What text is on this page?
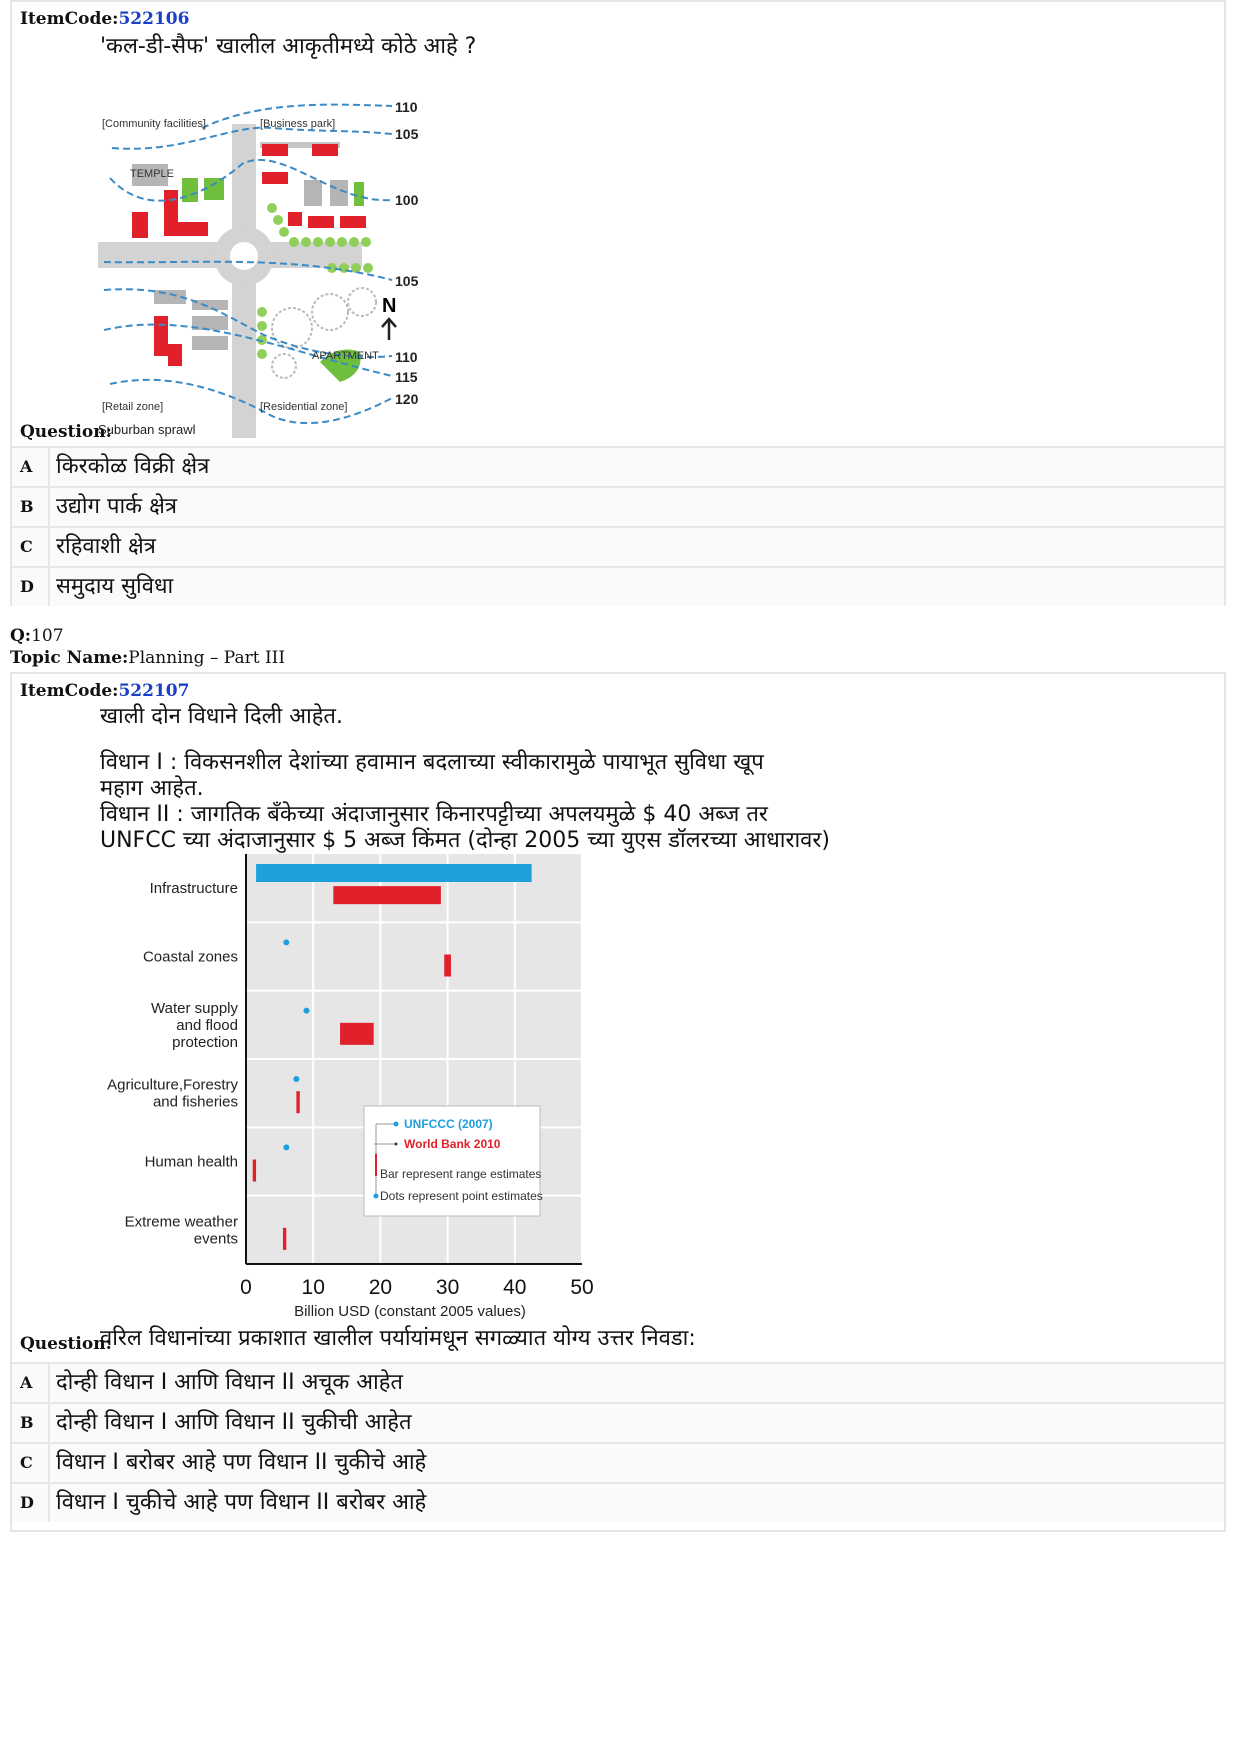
ItemCode:522106
'कल-डी-सैफ' खालील आकृतीमध्ये कोठे आहे ?
[Community facilities]	[Business park]
TEMPLE
APARTMENT
[Retail zone]	[Residential zone]
110
105
100
105
110
115
120
N
Question:
Suburban sprawl
A	किरकोळ विक्री क्षेत्र
B	उद्योग पार्क क्षेत्र
C	रहिवाशी क्षेत्र
D	समुदाय सुविधा
Q:107
Topic Name:Planning – Part III
ItemCode:522107
खाली दोन विधाने दिली आहेत.
विधान I : विकसनशील देशांच्या हवामान बदलाच्या स्वीकारामुळे पायाभूत सुविधा खूप
महाग आहेत.
विधान II : जागतिक बँकेच्या अंदाजानुसार किनारपट्टीच्या अपलयमुळे $ 40 अब्ज तर
UNFCC च्या अंदाजानुसार $ 5 अब्ज किंमत (दोन्हा 2005 च्या युएस डॉलरच्या आधारावर)
Infrastructure
Coastal zones
Water supply and flood protection
Agriculture,Forestry and fisheries
Human health
Extreme weather events
0 10 20 30 40 50
Billion USD (constant 2005 values)
UNFCCC (2007)
World Bank 2010
Bar represent range estimates
Dots represent point estimates
Question:
वरिल विधानांच्या प्रकाशात खालील पर्यायांमधून सगळ्यात योग्य उत्तर निवडा:
A	दोन्ही विधान I आणि विधान II अचूक आहेत
B	दोन्ही विधान I आणि विधान II चुकीची आहेत
C	विधान I बरोबर आहे पण विधान II चुकीचे आहे
D	विधान I चुकीचे आहे पण विधान II बरोबर आहे
